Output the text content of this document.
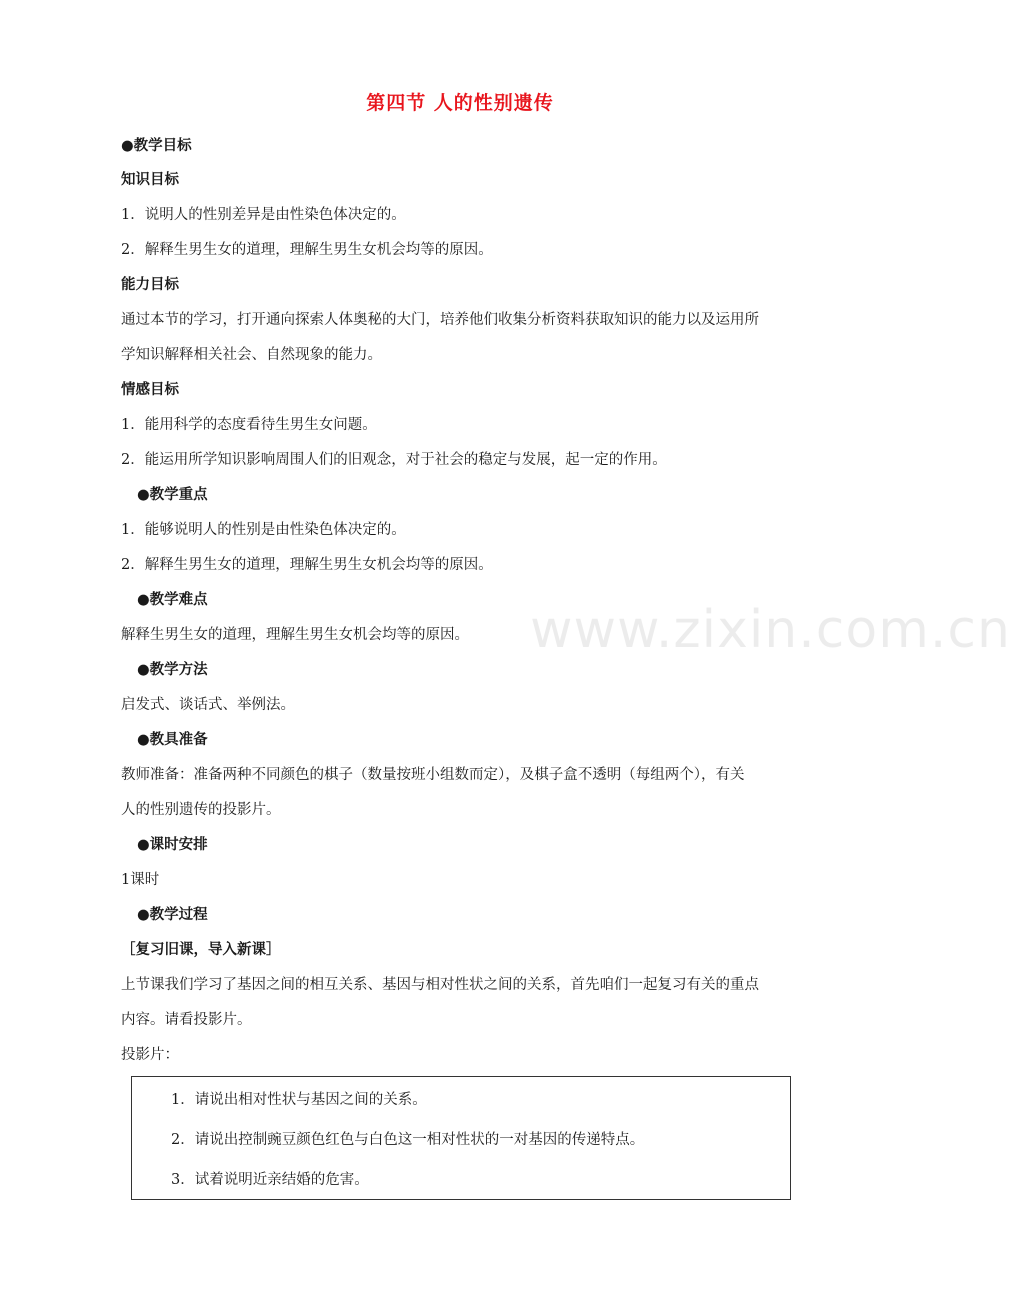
www.zixin.com.cn
第四节 人的性别遗传
●教学目标
知识目标
1．说明人的性别差异是由性染色体决定的。
2．解释生男生女的道理，理解生男生女机会均等的原因。
能力目标
通过本节的学习，打开通向探索人体奥秘的大门，培养他们收集分析资料获取知识的能力以及运用所
学知识解释相关社会、自然现象的能力。
情感目标
1．能用科学的态度看待生男生女问题。
2．能运用所学知识影响周围人们的旧观念，对于社会的稳定与发展，起一定的作用。
●教学重点
1．能够说明人的性别是由性染色体决定的。
2．解释生男生女的道理，理解生男生女机会均等的原因。
●教学难点
解释生男生女的道理，理解生男生女机会均等的原因。
●教学方法
启发式、谈话式、举例法。
●教具准备
教师准备：准备两种不同颜色的棋子（数量按班小组数而定），及棋子盒不透明（每组两个），有关
人的性别遗传的投影片。
●课时安排
1课时
●教学过程
［复习旧课，导入新课］
上节课我们学习了基因之间的相互关系、基因与相对性状之间的关系，首先咱们一起复习有关的重点
内容。请看投影片。
投影片：
1．请说出相对性状与基因之间的关系。
2．请说出控制豌豆颜色红色与白色这一相对性状的一对基因的传递特点。
3．试着说明近亲结婚的危害。
